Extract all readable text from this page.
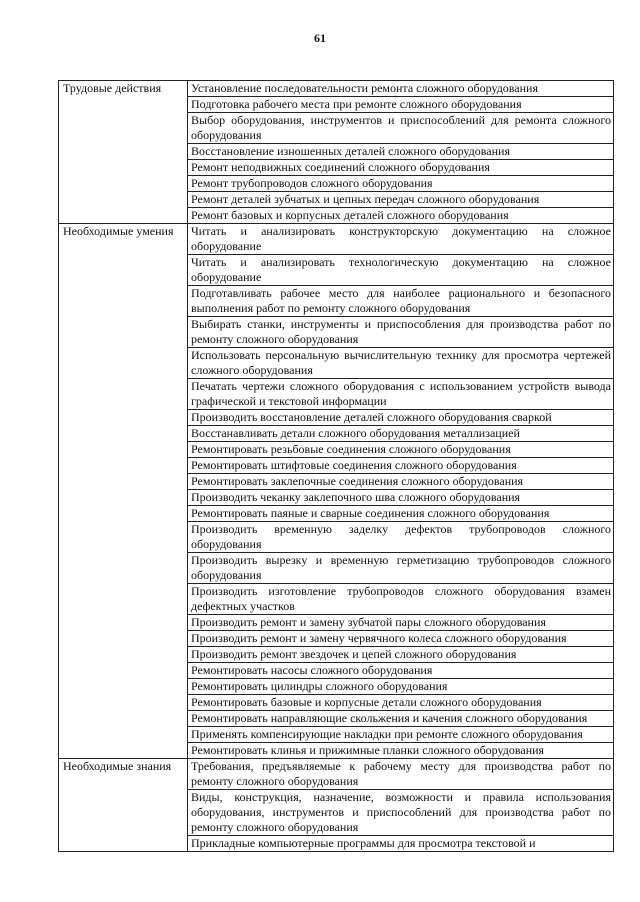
61
Трудовые действия	Установление последовательности ремонта сложного оборудования
	Подготовка рабочего места при ремонте сложного оборудования
	Выбор оборудования, инструментов и приспособлений для ремонта сложного оборудования
	Восстановление изношенных деталей сложного оборудования
	Ремонт неподвижных соединений сложного оборудования
	Ремонт трубопроводов сложного оборудования
	Ремонт деталей зубчатых и цепных передач сложного оборудования
	Ремонт базовых и корпусных деталей сложного оборудования
Необходимые умения	Читать и анализировать конструкторскую документацию на сложное оборудование
	Читать и анализировать технологическую документацию на сложное оборудование
	Подготавливать рабочее место для наиболее рационального и безопасного выполнения работ по ремонту сложного оборудования
	Выбирать станки, инструменты и приспособления для производства работ по ремонту сложного оборудования
	Использовать персональную вычислительную технику для просмотра чертежей сложного оборудования
	Печатать чертежи сложного оборудования с использованием устройств вывода графической и текстовой информации
	Производить восстановление деталей сложного оборудования сваркой
	Восстанавливать детали сложного оборудования металлизацией
	Ремонтировать резьбовые соединения сложного оборудования
	Ремонтировать штифтовые соединения сложного оборудования
	Ремонтировать заклепочные соединения сложного оборудования
	Производить чеканку заклепочного шва сложного оборудования
	Ремонтировать паяные и сварные соединения сложного оборудования
	Производить временную заделку дефектов трубопроводов сложного оборудования
	Производить вырезку и временную герметизацию трубопроводов сложного оборудования
	Производить изготовление трубопроводов сложного оборудования взамен дефектных участков
	Производить ремонт и замену зубчатой пары сложного оборудования
	Производить ремонт и замену червячного колеса сложного оборудования
	Производить ремонт звездочек и цепей сложного оборудования
	Ремонтировать насосы сложного оборудования
	Ремонтировать цилиндры сложного оборудования
	Ремонтировать базовые и корпусные детали сложного оборудования
	Ремонтировать направляющие скольжения и качения сложного оборудования
	Применять компенсирующие накладки при ремонте сложного оборудования
	Ремонтировать клинья и прижимные планки сложного оборудования
Необходимые знания	Требования, предъявляемые к рабочему месту для производства работ по ремонту сложного оборудования
	Виды, конструкция, назначение, возможности и правила использования оборудования, инструментов и приспособлений для производства работ по ремонту сложного оборудования
	Прикладные компьютерные программы для просмотра текстовой и
